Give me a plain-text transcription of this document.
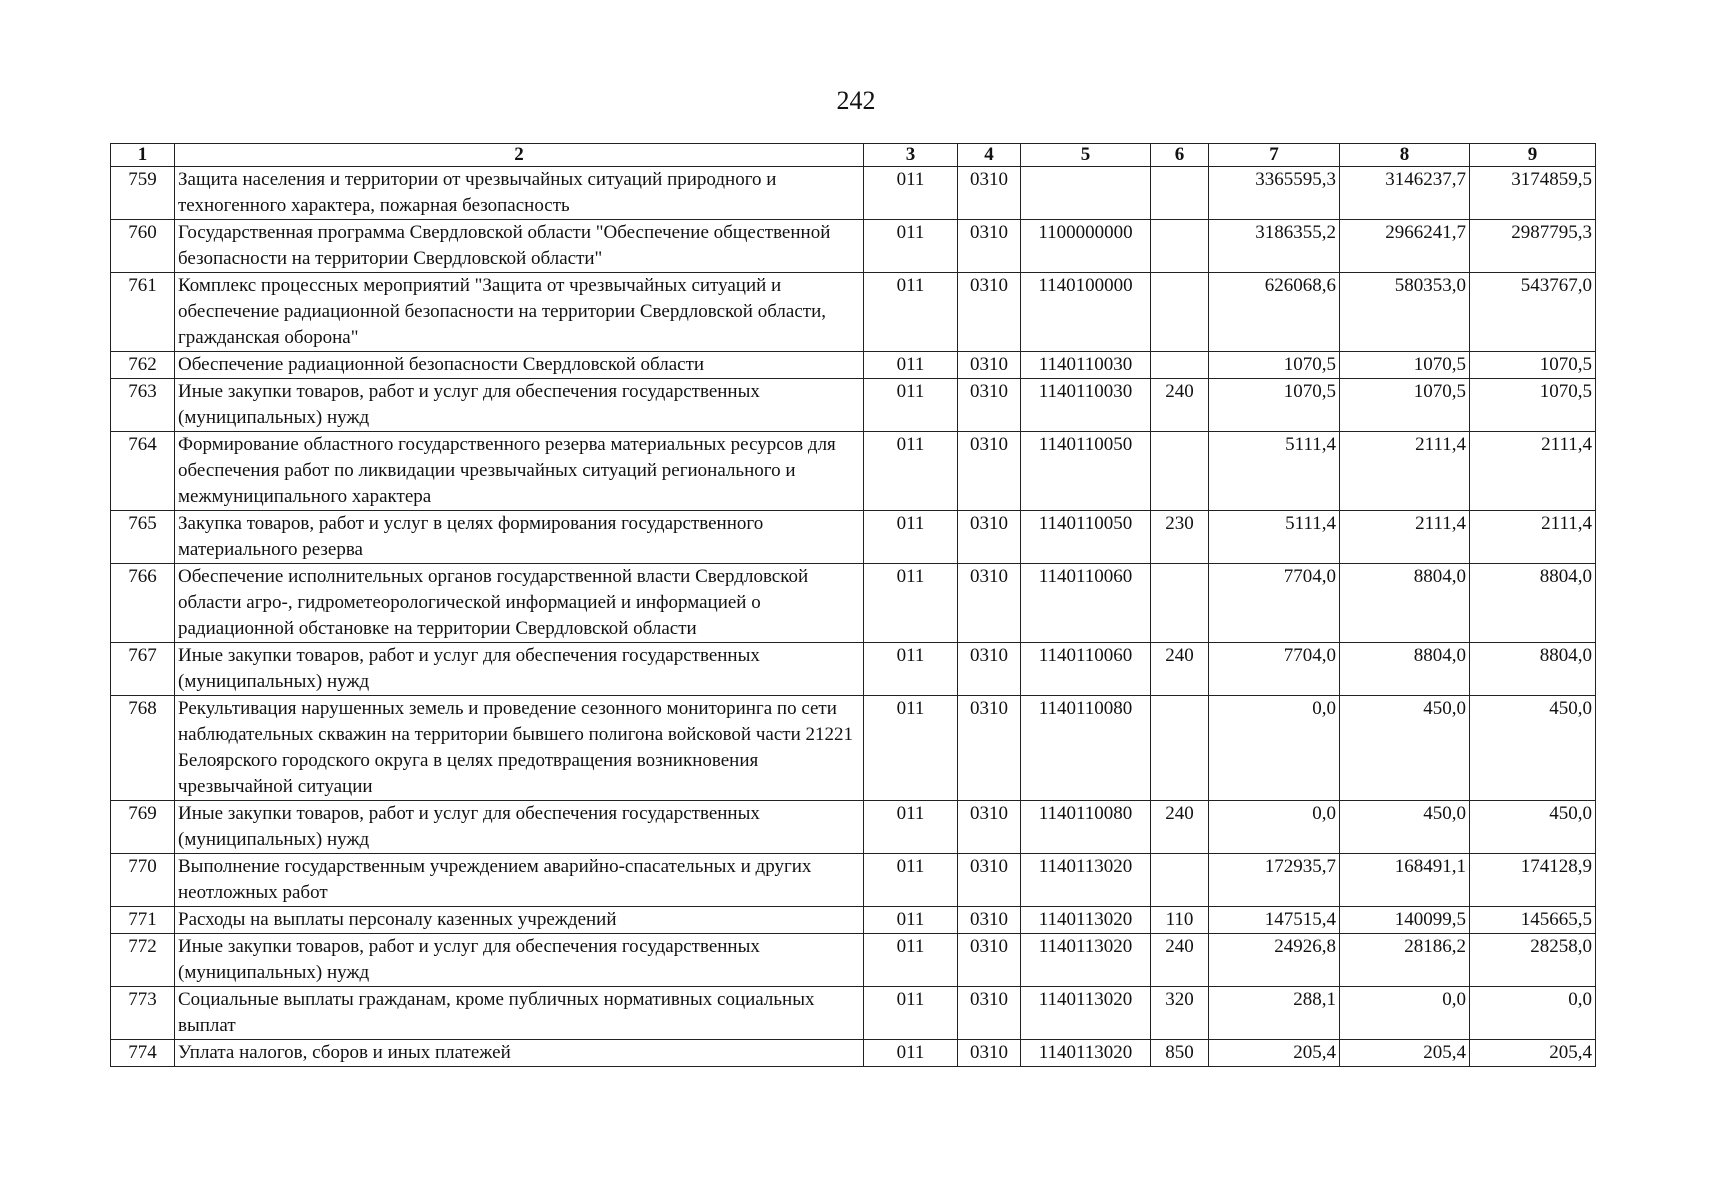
242
1	2	3	4	5	6	7	8	9
759	Защита населения и территории от чрезвычайных ситуаций природного и техногенного характера, пожарная безопасность	011	0310			3365595,3	3146237,7	3174859,5
760	Государственная программа Свердловской области "Обеспечение общественной безопасности на территории Свердловской области"	011	0310	1100000000		3186355,2	2966241,7	2987795,3
761	Комплекс процессных мероприятий "Защита от чрезвычайных ситуаций и обеспечение радиационной безопасности на территории Свердловской области, гражданская оборона"	011	0310	1140100000		626068,6	580353,0	543767,0
762	Обеспечение радиационной безопасности Свердловской области	011	0310	1140110030		1070,5	1070,5	1070,5
763	Иные закупки товаров, работ и услуг для обеспечения государственных (муниципальных) нужд	011	0310	1140110030	240	1070,5	1070,5	1070,5
764	Формирование областного государственного резерва материальных ресурсов для обеспечения работ по ликвидации чрезвычайных ситуаций регионального и межмуниципального характера	011	0310	1140110050		5111,4	2111,4	2111,4
765	Закупка товаров, работ и услуг в целях формирования государственного материального резерва	011	0310	1140110050	230	5111,4	2111,4	2111,4
766	Обеспечение исполнительных органов государственной власти Свердловской области агро-, гидрометеорологической информацией и информацией о радиационной обстановке на территории Свердловской области	011	0310	1140110060		7704,0	8804,0	8804,0
767	Иные закупки товаров, работ и услуг для обеспечения государственных (муниципальных) нужд	011	0310	1140110060	240	7704,0	8804,0	8804,0
768	Рекультивация нарушенных земель и проведение сезонного мониторинга по сети наблюдательных скважин на территории бывшего полигона войсковой части 21221 Белоярского городского округа в целях предотвращения возникновения чрезвычайной ситуации	011	0310	1140110080		0,0	450,0	450,0
769	Иные закупки товаров, работ и услуг для обеспечения государственных (муниципальных) нужд	011	0310	1140110080	240	0,0	450,0	450,0
770	Выполнение государственным учреждением аварийно-спасательных и других неотложных работ	011	0310	1140113020		172935,7	168491,1	174128,9
771	Расходы на выплаты персоналу казенных учреждений	011	0310	1140113020	110	147515,4	140099,5	145665,5
772	Иные закупки товаров, работ и услуг для обеспечения государственных (муниципальных) нужд	011	0310	1140113020	240	24926,8	28186,2	28258,0
773	Социальные выплаты гражданам, кроме публичных нормативных социальных выплат	011	0310	1140113020	320	288,1	0,0	0,0
774	Уплата налогов, сборов и иных платежей	011	0310	1140113020	850	205,4	205,4	205,4
